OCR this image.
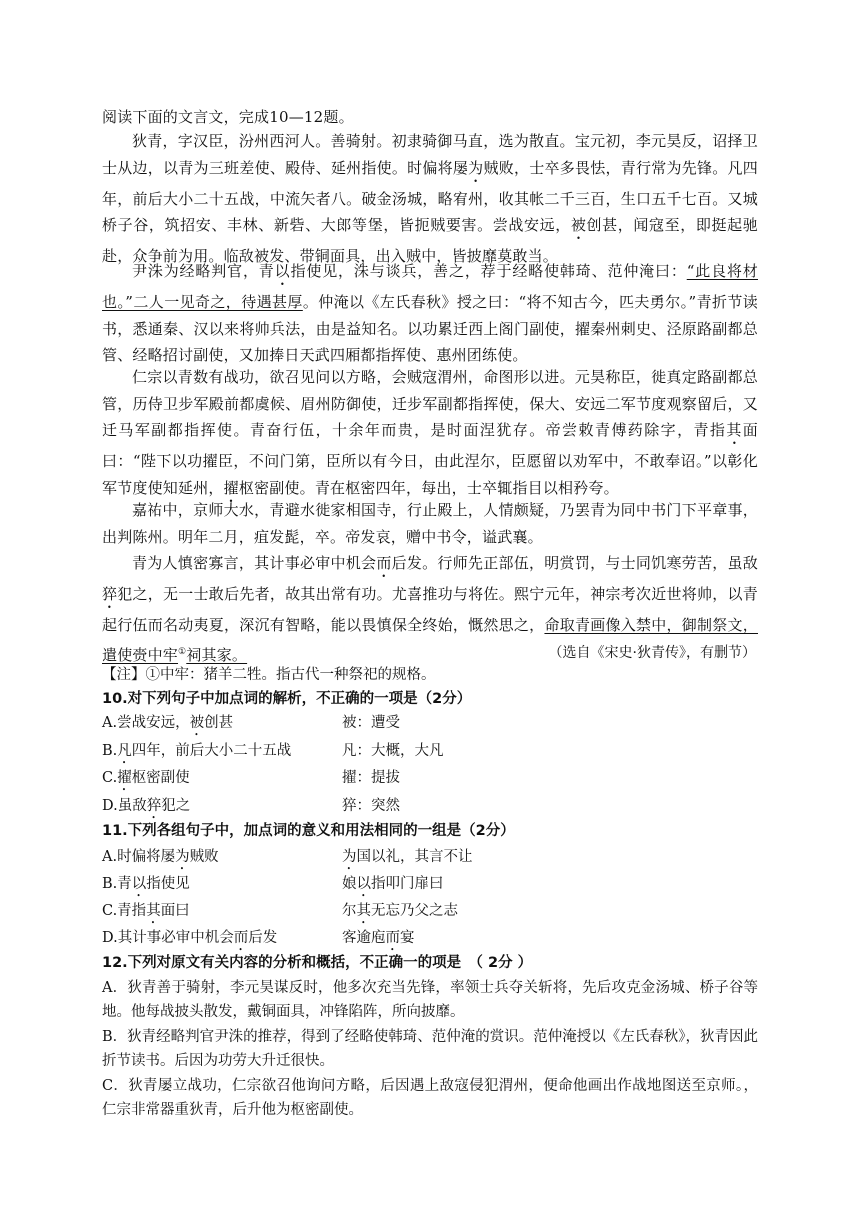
阅读下面的文言文，完成10—12题。

狄青，字汉臣，汾州西河人。善骑射。初隶骑御马直，选为散直。宝元初，李元昊反，诏择卫士从边，以青为三班差使、殿侍、延州指使。时偏将屡为贼败，士卒多畏怯，青行常为先锋。凡四年，前后大小二十五战，中流矢者八。破金汤城，略宥州，收其帐二千三百，生口五千七百。又城桥子谷，筑招安、丰林、新砦、大郎等堡，皆扼贼要害。尝战安远，被创甚，闻寇至，即挺起驰赴，众争前为用。临敌被发、带铜面具，出入贼中，皆披靡莫敢当。

尹洙为经略判官，青以指使见，洙与谈兵，善之，荐于经略使韩琦、范仲淹曰：“此良将材也。”二人一见奇之，待遇甚厚。仲淹以《左氏春秋》授之曰：“将不知古今，匹夫勇尔。”青折节读书，悉通秦、汉以来将帅兵法，由是益知名。以功累迁西上阁门副使，擢秦州刺史、泾原路副都总管、经略招讨副使，又加捧日天武四厢都指挥使、惠州团练使。

仁宗以青数有战功，欲召见问以方略，会贼寇渭州，命图形以进。元昊称臣，徙真定路副都总管，历侍卫步军殿前都虞候、眉州防御使，迁步军副都指挥使，保大、安远二军节度观察留后，又迁马军副都指挥使。青奋行伍，十余年而贵，是时面涅犹存。帝尝敕青傅药除字，青指其面曰：“陛下以功擢臣，不问门第，臣所以有今日，由此涅尔，臣愿留以劝军中，不敢奉诏。”以彰化军节度使知延州，擢枢密副使。青在枢密四年，每出，士卒辄指目以相矜夸。

嘉祐中，京师大水，青避水徙家相国寺，行止殿上，人情颇疑，乃罢青为同中书门下平章事，出判陈州。明年二月，疽发髭，卒。帝发哀，赠中书令，谥武襄。

青为人慎密寡言，其计事必审中机会而后发。行师先正部伍，明赏罚，与士同饥寒劳苦，虽敌猝犯之，无一士敢后先者，故其出常有功。尤喜推功与将佐。熙宁元年，神宗考次近世将帅，以青起行伍而名动夷夏，深沉有智略，能以畏慎保全终始，慨然思之，命取青画像入禁中，御制祭文，遣使赍中牢①祠其家。	（选自《宋史·狄青传》，有删节）
【注】①中牢：猪羊二牲。指古代一种祭祀的规格。
10.对下列句子中加点词的解析，不正确的一项是（2分）
A.尝战安远，被创甚	被：遭受
B.凡四年，前后大小二十五战	凡：大概，大凡
C.擢枢密副使	擢：提拔
D.虽敌猝犯之	猝：突然
11.下列各组句子中，加点词的意义和用法相同的一组是（2分）
A.时偏将屡为贼败	为国以礼，其言不让
B.青以指使见	娘以指叩门扉曰
C.青指其面曰	尔其无忘乃父之志
D.其计事必审中机会而后发	客逾庖而宴
12.下列对原文有关内容的分析和概括，不正确一的项是　（ 2分 ）
A．狄青善于骑射，李元昊谋反时，他多次充当先锋，率领士兵夺关斩将，先后攻克金汤城、桥子谷等地。他每战披头散发，戴铜面具，冲锋陷阵，所向披靡。
B．狄青经略判官尹洙的推荐，得到了经略使韩琦、范仲淹的赏识。范仲淹授以《左氏春秋》，狄青因此折节读书。后因为功劳大升迁很快。
C．狄青屡立战功，仁宗欲召他询问方略，后因遇上敌寇侵犯渭州，便命他画出作战地图送至京师。，仁宗非常器重狄青，后升他为枢密副使。
